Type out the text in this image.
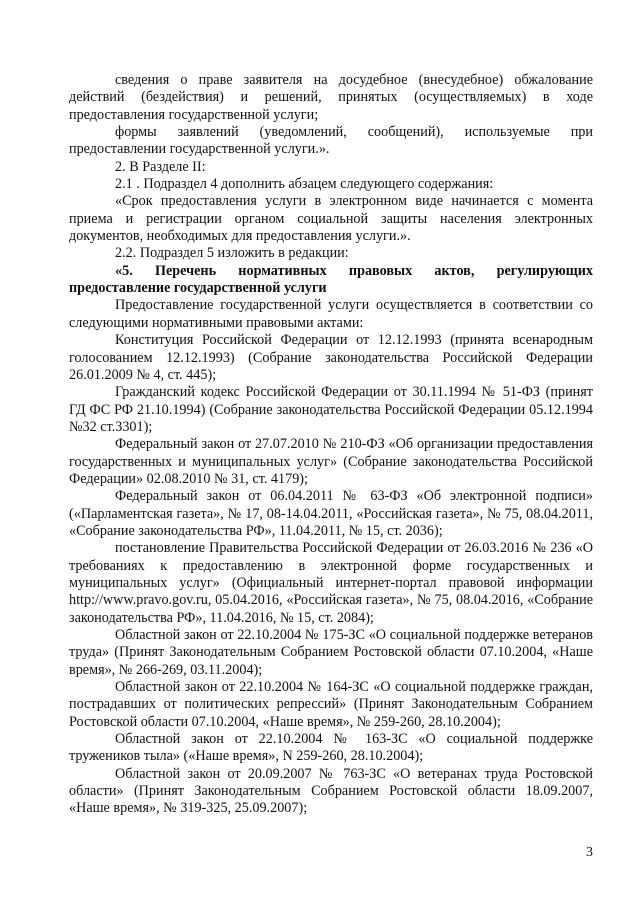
сведения о праве заявителя на досудебное (внесудебное) обжалование действий (бездействия) и решений, принятых (осуществляемых) в ходе предоставления государственной услуги;

формы заявлений (уведомлений, сообщений), используемые при предоставлении государственной услуги.».

2. В Разделе II:

2.1 . Подраздел 4 дополнить абзацем следующего содержания:

«Срок предоставления услуги в электронном виде начинается с момента приема и регистрации органом социальной защиты населения электронных документов, необходимых для предоставления услуги.».

2.2. Подраздел 5 изложить в редакции:

«5. Перечень нормативных правовых актов, регулирующих предоставление государственной услуги

Предоставление государственной услуги осуществляется в соответствии со следующими нормативными правовыми актами:

Конституция Российской Федерации от 12.12.1993 (принята всенародным голосованием 12.12.1993) (Собрание законодательства Российской Федерации 26.01.2009 № 4, ст. 445);

Гражданский кодекс Российской Федерации от 30.11.1994 № 51-ФЗ (принят ГД ФС РФ 21.10.1994) (Собрание законодательства Российской Федерации 05.12.1994 №32 ст.3301);

Федеральный закон от 27.07.2010 № 210-ФЗ «Об организации предоставления государственных и муниципальных услуг» (Собрание законодательства Российской Федерации» 02.08.2010 № 31, ст. 4179);

Федеральный закон от 06.04.2011 № 63-ФЗ «Об электронной подписи» («Парламентская газета», № 17, 08-14.04.2011, «Российская газета», № 75, 08.04.2011, «Собрание законодательства РФ», 11.04.2011, № 15, ст. 2036);

постановление Правительства Российской Федерации от 26.03.2016 № 236 «О требованиях к предоставлению в электронной форме государственных и муниципальных услуг» (Официальный интернет-портал правовой информации http://www.pravo.gov.ru, 05.04.2016, «Российская газета», № 75, 08.04.2016, «Собрание законодательства РФ», 11.04.2016, № 15, ст. 2084);

Областной закон от 22.10.2004 № 175-ЗС «О социальной поддержке ветеранов труда» (Принят Законодательным Собранием Ростовской области 07.10.2004, «Наше время», № 266-269, 03.11.2004);

Областной закон от 22.10.2004 № 164-ЗС «О социальной поддержке граждан, пострадавших от политических репрессий» (Принят Законодательным Собранием Ростовской области 07.10.2004, «Наше время», № 259-260, 28.10.2004);

Областной закон от 22.10.2004 № 163-ЗС «О социальной поддержке тружеников тыла» («Наше время», N 259-260, 28.10.2004);

Областной закон от 20.09.2007 № 763-ЗС «О ветеранах труда Ростовской области» (Принят Законодательным Собранием Ростовской области 18.09.2007, «Наше время», № 319-325, 25.09.2007);

3
